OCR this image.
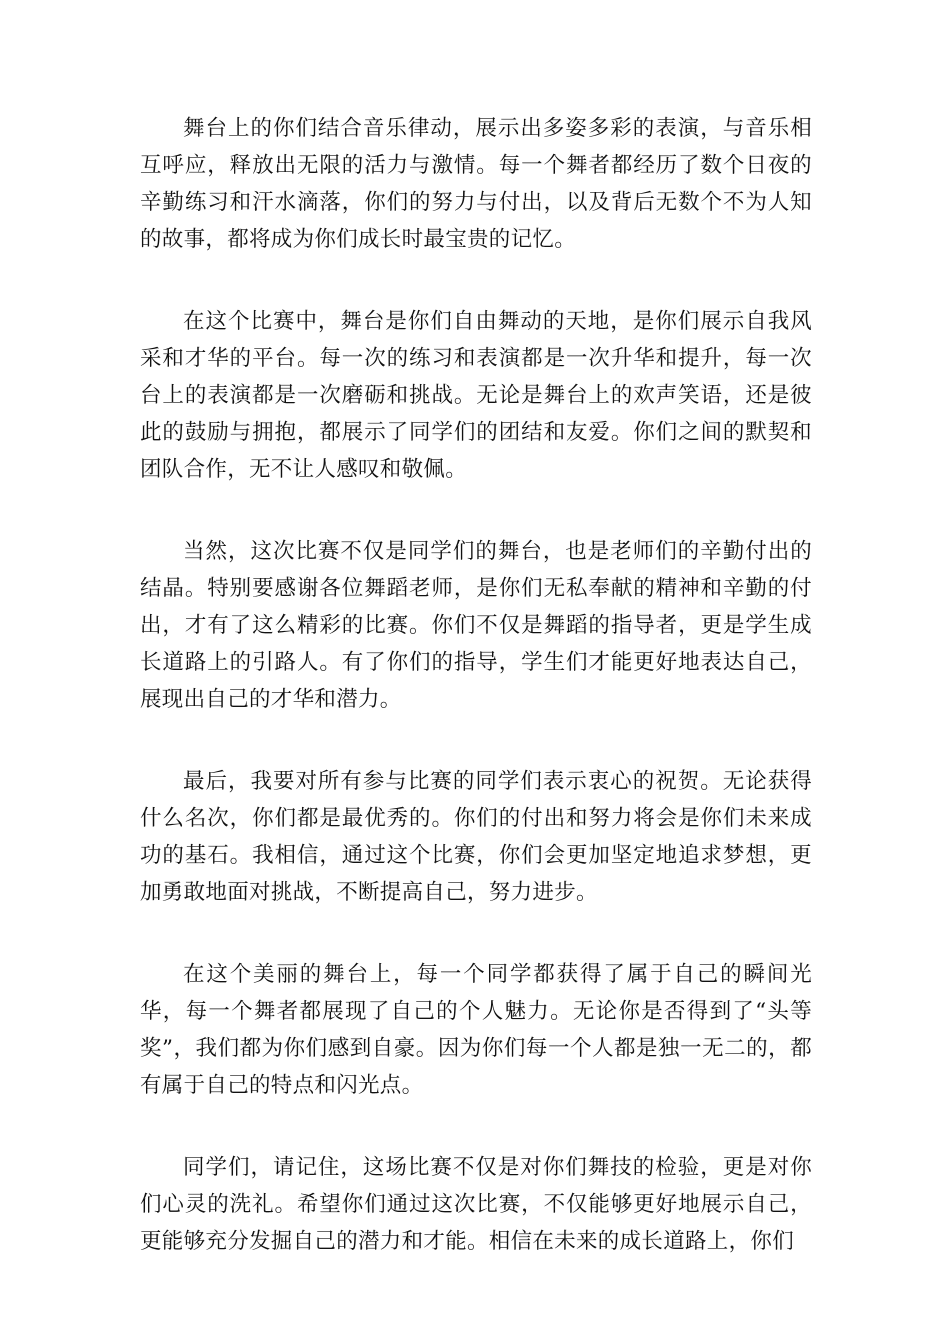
舞台上的你们结合音乐律动，展示出多姿多彩的表演，与音乐相互呼应，释放出无限的活力与激情。每一个舞者都经历了数个日夜的辛勤练习和汗水滴落，你们的努力与付出，以及背后无数个不为人知的故事，都将成为你们成长时最宝贵的记忆。

在这个比赛中，舞台是你们自由舞动的天地，是你们展示自我风采和才华的平台。每一次的练习和表演都是一次升华和提升，每一次台上的表演都是一次磨砺和挑战。无论是舞台上的欢声笑语，还是彼此的鼓励与拥抱，都展示了同学们的团结和友爱。你们之间的默契和团队合作，无不让人感叹和敬佩。

当然，这次比赛不仅是同学们的舞台，也是老师们的辛勤付出的结晶。特别要感谢各位舞蹈老师，是你们无私奉献的精神和辛勤的付出，才有了这么精彩的比赛。你们不仅是舞蹈的指导者，更是学生成长道路上的引路人。有了你们的指导，学生们才能更好地表达自己，展现出自己的才华和潜力。

最后，我要对所有参与比赛的同学们表示衷心的祝贺。无论获得什么名次，你们都是最优秀的。你们的付出和努力将会是你们未来成功的基石。我相信，通过这个比赛，你们会更加坚定地追求梦想，更加勇敢地面对挑战，不断提高自己，努力进步。

在这个美丽的舞台上，每一个同学都获得了属于自己的瞬间光华，每一个舞者都展现了自己的个人魅力。无论你是否得到了“头等奖”，我们都为你们感到自豪。因为你们每一个人都是独一无二的，都有属于自己的特点和闪光点。

同学们，请记住，这场比赛不仅是对你们舞技的检验，更是对你们心灵的洗礼。希望你们通过这次比赛，不仅能够更好地展示自己，更能够充分发掘自己的潜力和才能。相信在未来的成长道路上，你们
